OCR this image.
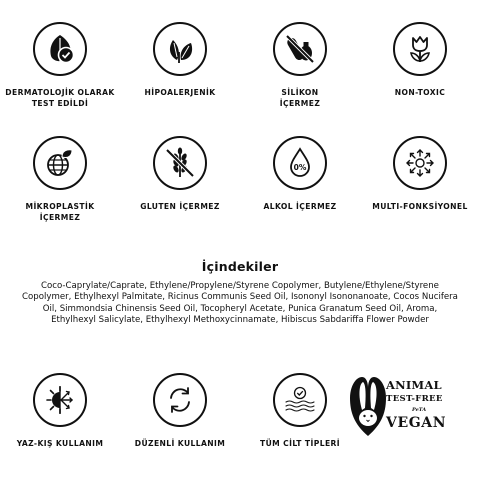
DERMATOLOJİK OLARAK
TEST EDİLDİ
HİPOALERJENİK	SİLİKON
İÇERMEZ
NON-TOXIC
MİKROPLASTİK
İÇERMEZ
GLUTEN İÇERMEZ
0%
ALKOL İÇERMEZ	MULTI-FONKSİYONEL
İçindekiler
Coco-Caprylate/Caprate, Ethylene/Propylene/Styrene Copolymer, Butylene/Ethylene/Styrene Copolymer, Ethylhexyl Palmitate, Ricinus Communis Seed Oil, Isononyl Isononanoate, Cocos Nucifera Oil, Simmondsia Chinensis Seed Oil, Tocopheryl Acetate, Punica Granatum Seed Oil, Aroma, Ethylhexyl Salicylate, Ethylhexyl Methoxycinnamate, Hibiscus Sabdariffa Flower Powder
YAZ-KIŞ KULLANIM	DÜZENLİ KULLANIM	TÜM CİLT TİPLERİ
ANIMAL
TEST-FREE
PeTA
VEGAN
